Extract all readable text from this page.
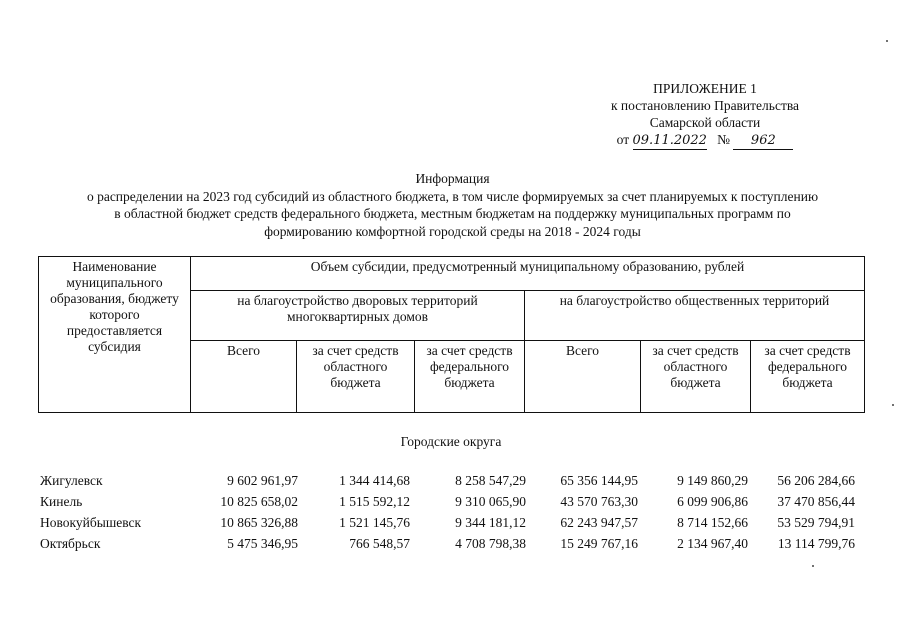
ПРИЛОЖЕНИЕ 1
к постановлению Правительства
Самарской области
от 09.11.2022 № 962
Информация
о распределении на 2023 год субсидий из областного бюджета, в том числе формируемых за счет планируемых к поступлению
в областной бюджет средств федерального бюджета, местным бюджетам на поддержку муниципальных программ по
формированию комфортной городской среды на 2018 - 2024 годы
Наименование муниципального образования, бюджету которого предоставляется субсидия	Объем субсидии, предусмотренный муниципальному образованию, рублей					
	на благоустройство дворовых территорий многоквартирных домов			на благоустройство общественных территорий		
	Всего	за счет средств областного бюджета	за счет средств федерального бюджета	Всего	за счет средств областного бюджета	за счет средств федерального бюджета
Городские округа
Жигулевск	9 602 961,97	1 344 414,68	8 258 547,29	65 356 144,95	9 149 860,29	56 206 284,66
Кинель	10 825 658,02	1 515 592,12	9 310 065,90	43 570 763,30	6 099 906,86	37 470 856,44
Новокуйбышевск	10 865 326,88	1 521 145,76	9 344 181,12	62 243 947,57	8 714 152,66	53 529 794,91
Октябрьск	5 475 346,95	766 548,57	4 708 798,38	15 249 767,16	2 134 967,40	13 114 799,76
